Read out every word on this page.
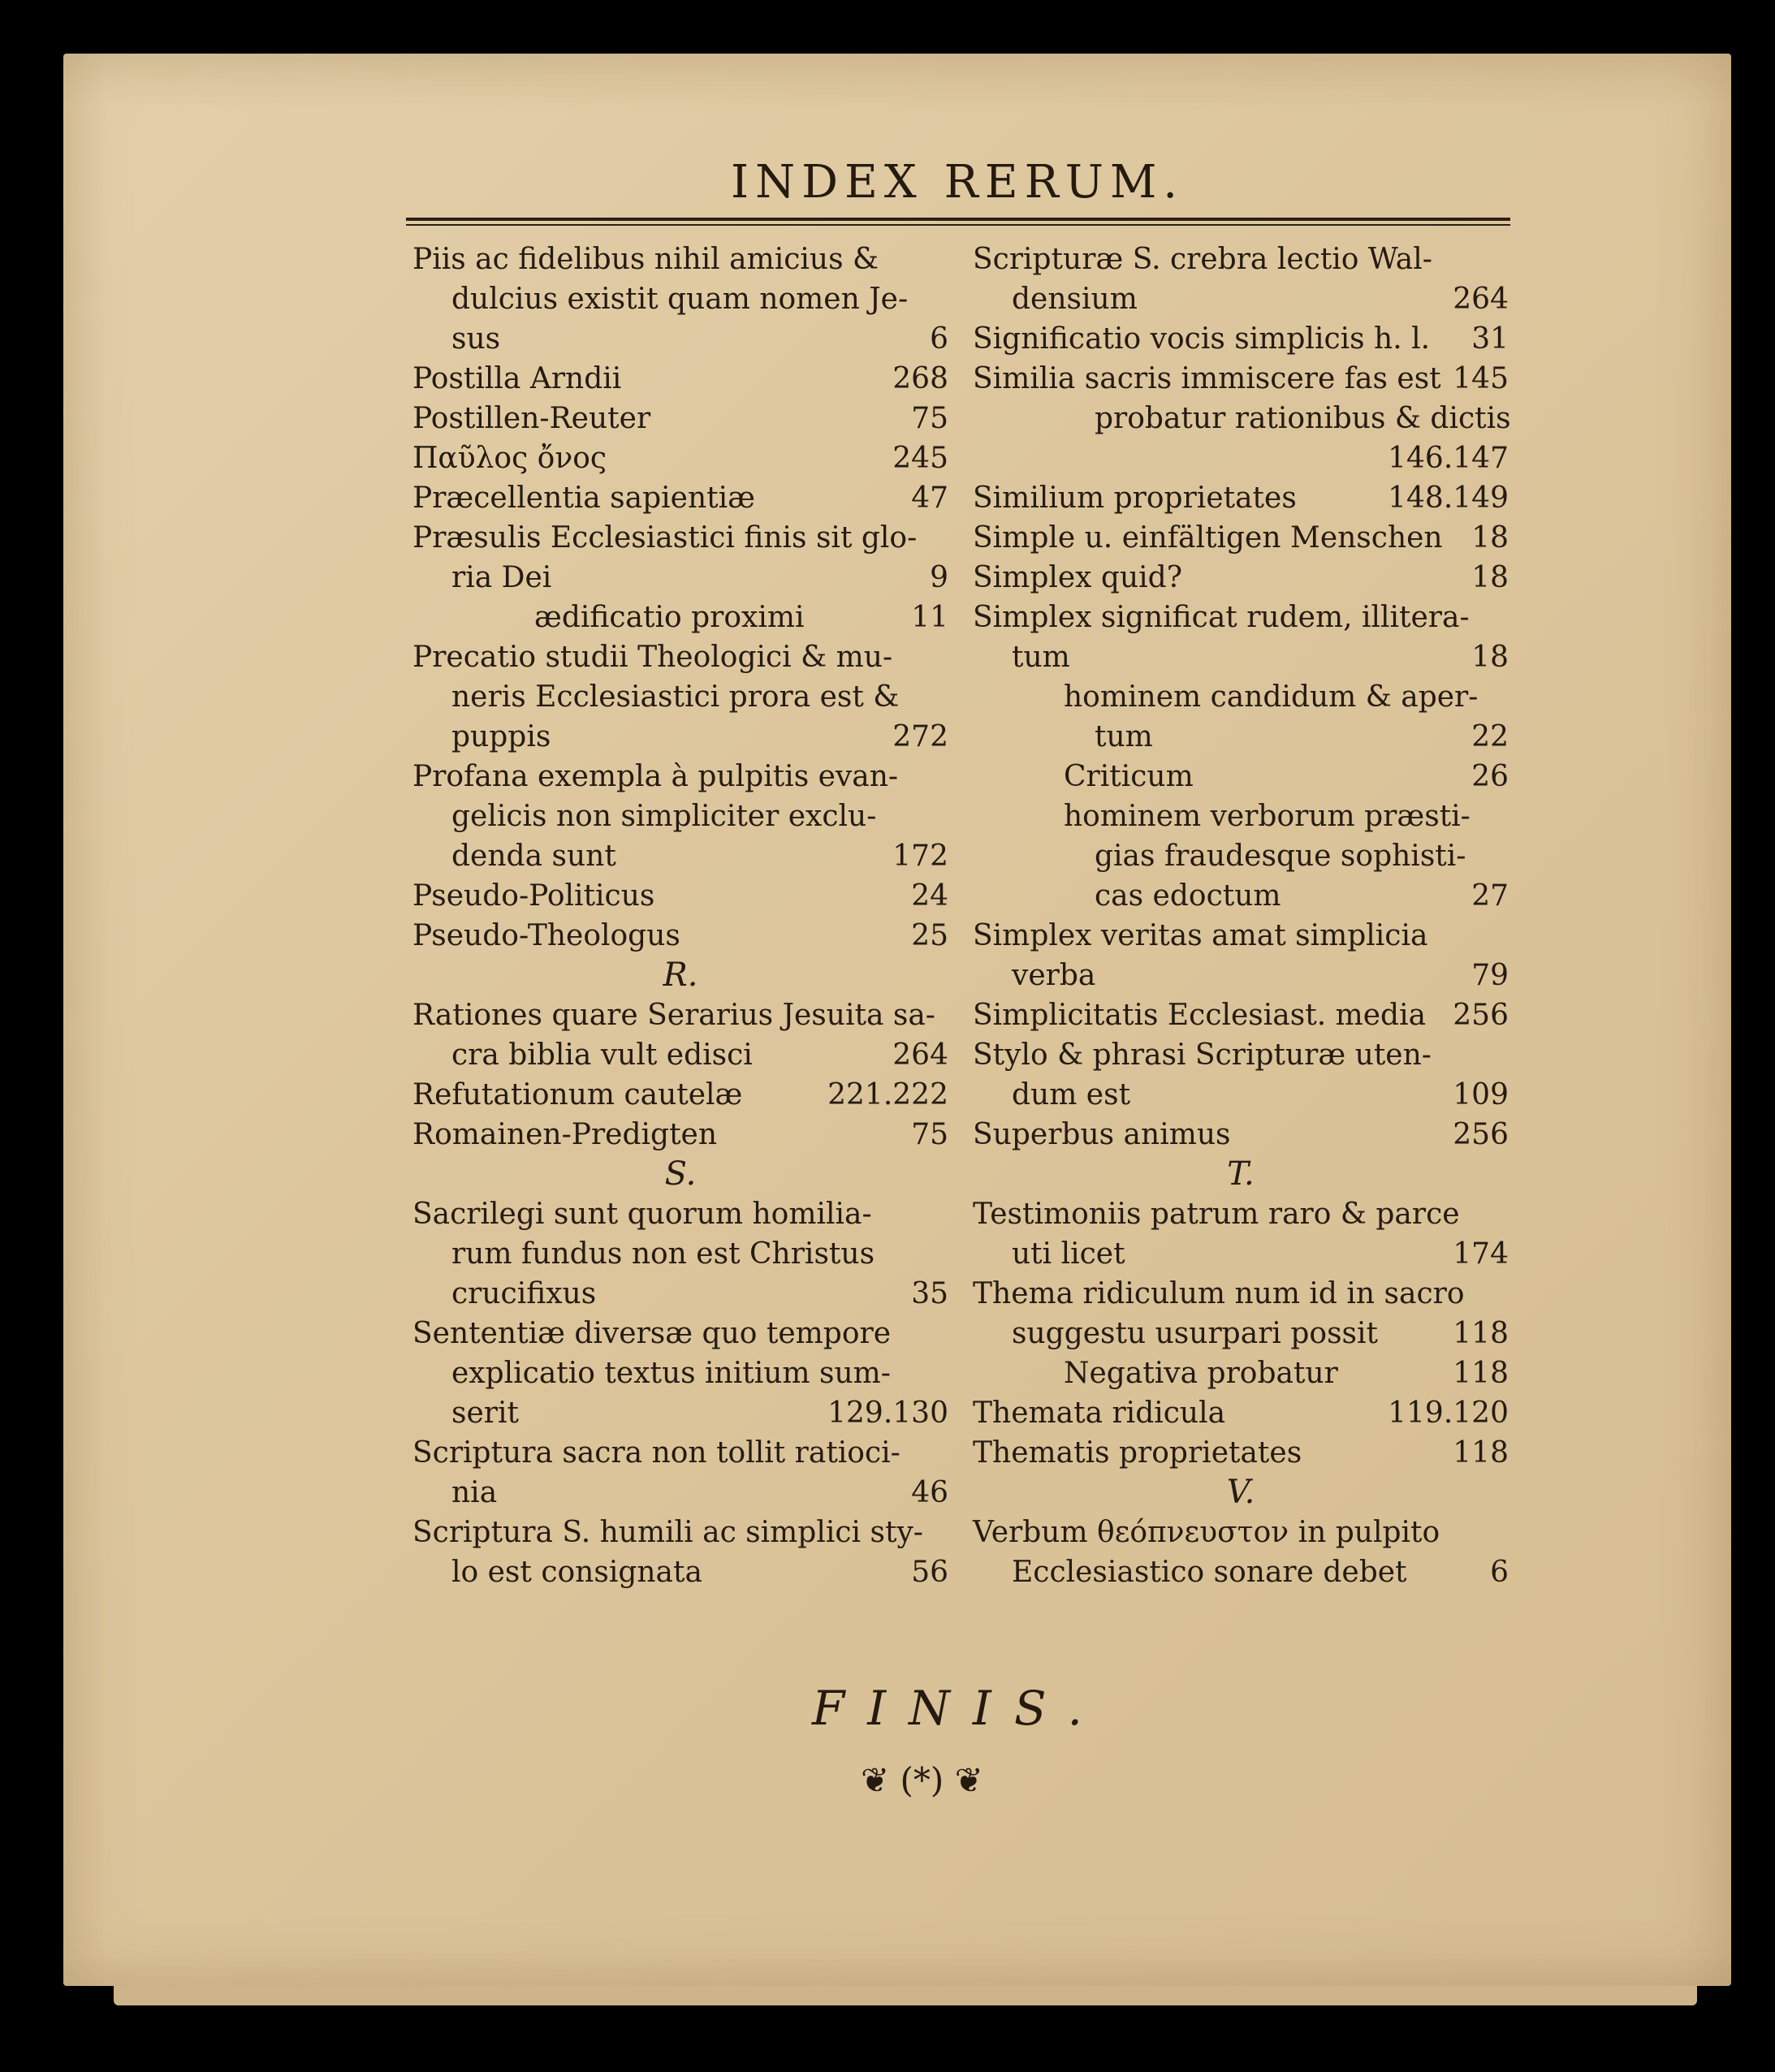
INDEX RERUM.
Piis ac fidelibus nihil amicius &
dulcius existit quam nomen Je-
sus	6
Postilla Arndii	268
Postillen-Reuter	75
Παῦλος ὄνος	245
Præcellentia sapientiæ	47
Præsulis Ecclesiastici finis sit glo-
ria Dei	9
ædificatio proximi	11
Precatio studii Theologici & mu-
neris Ecclesiastici prora est &
puppis	272
Profana exempla à pulpitis evan-
gelicis non simpliciter exclu-
denda sunt	172
Pseudo-Politicus	24
Pseudo-Theologus	25
R.
Rationes quare Serarius Jesuita sa-
cra biblia vult edisci	264
Refutationum cautelæ	221.222
Romainen-Predigten	75
S.
Sacrilegi sunt quorum homilia-
rum fundus non est Christus
crucifixus	35
Sententiæ diversæ quo tempore
explicatio textus initium sum-
serit	129.130
Scriptura sacra non tollit ratioci-
nia	46
Scriptura S. humili ac simplici sty-
lo est consignata	56
Scripturæ S. crebra lectio Wal-
densium	264
Significatio vocis simplicis h. l. 31
Similia sacris immiscere fas est 145
probatur rationibus & dictis
146.147
Similium proprietates	148.149
Simple u. einfältigen Menschen 18
Simplex quid?	18
Simplex significat rudem, illitera-
tum	18
hominem candidum & aper-
tum	22
Criticum	26
hominem verborum præsti-
gias fraudesque sophisti-
cas edoctum	27
Simplex veritas amat simplicia
verba	79
Simplicitatis Ecclesiast. media 256
Stylo & phrasi Scripturæ uten-
dum est	109
Superbus animus	256
T.
Testimoniis patrum raro & parce
uti licet	174
Thema ridiculum num id in sacro
suggestu usurpari possit	118
Negativa probatur	118
Themata ridicula	119.120
Thematis proprietates	118
V.
Verbum θεόπνευστον in pulpito
Ecclesiastico sonare debet	6
FINIS.
❦ (*) ❦
